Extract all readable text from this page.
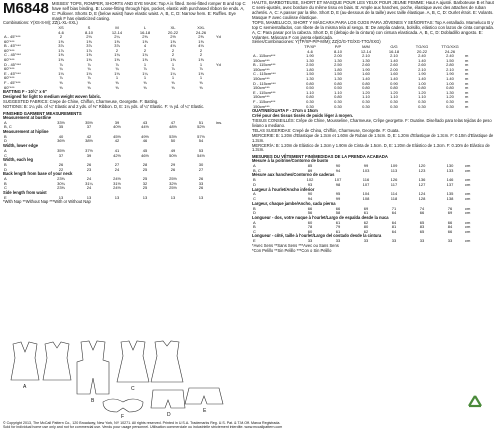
M6848 MISSES' TOPS, ROMPER, SHORTS AND EYE MASK: Top A is fitted. Semi-fitted romper B and top C have self bias binding. B: Loose-fitting through hips, pocket, elastic with purchased ribbon tie ends. A, C: Pullover. Shorts D, E (below waist) have elastic waist. A, B, C, D: Narrow hem. E: Ruffles. Eye mask F has elasticized casing.
Combinations: Y(XS-S-M); ZZ(L-XL-XXL)
	XS	S	M	L	XL	XXL	
	4-6	8-10	12-14	16-18	20-22	24-26	
A - 45"***	2	2⅛	2¼	2⅜	2½	2⅝	Yd
60"***	1⅝	1⅝	1⅝	1⅝	1⅝	1⅝	
B - 45"***	3⅞	3⅞	3⅞	4	4⅛	4⅛	
60"***	1⅞	1⅞	2	2	2	2	
C - 45"***	1⅝	1⅝	1¾	1¾	2	2	
60"***	1⅜	1⅜	1⅜	1⅝	1⅝	1⅝	
D - 45"***	⅞	⅞	⅞	1	1	1	Yd
60"***	¾	¾	¾	⅞	⅞	⅞	
E - 45"***	1⅛	1⅛	1⅛	1¼	1¼	1⅜	
60"***	⅞	⅞	1	1	1	1	
F - 45"***	⅜	⅜	⅜	⅜	⅜	⅜	
60"***	⅜	⅜	⅜	⅜	⅜	⅜	
BATTING F - 10¼" x 6"
Designed for light to medium weight woven fabric.
SUGGESTED FABRICS: Crepe de Chine, Chiffon, Charmeuse, Georgette. F: Batting.
NOTIONS: B: 1¼ yds. of ¼" Elastic and 2 yds. of ⅜" Ribbon. D, E: 1¼ yds. of ¼" Elastic. F: ⅛ yd. of ¼" Elastic.
FINISHED GARMENT MEASUREMENTS
Measurement at bustline
A	33½	35½	39	43	47	51	ins.
B, C	35	37	40½	44½	48½	52½	
Measurement at hipline
B	40	42	45½	49½	53½	57½	
D	36½	38½	42	46	50	54	
Width, lower edge
A	35½	37½	41	45	49	53	
C	37	39	42½	46½	50½	54½	
Width, each leg
B	26	26	27	28	29	30	
D	22	23	24	25	26	27	
Back length from base of your neck
A	23⅜	24	24½	25	25½	26	
B	30¾	31¼	31½	32	32½	33	
C	23⅜	24	24½	25	25½	26	
Side length from waist
E	13	13	13	13	13	13	
*With Nap **Without Nap ***With or Without Nap
HAUTS, BARBOTEUSE, SHORT ET MASQUE POUR LES YEUX POUR JEUNE FEMME: Haut A ajusté. Barboteuse B et haut C semi-ajustés, avec bordure du même tissu en biais. B: Ample aux hanches, poche, élastique avec des attaches de ruban achetés. A, C: A passer par la tête. Short D, E (au-dessous de la taille) avec taille élastique. A, B, C, D: Ourlet étroit. E: Volants. Masque F avec coulisse élastique.
TOPS, MAMELUCO, SHORT Y MÁSCARA PARA LOS OJOS PARA JÓVENES Y SEÑORITAS: Top A entallado. Mameluco B y top C semientallados, con ribete de la misma tela al sesgo. B: De amplia cadera, bolsillo, elástico con lazos de cinta comprada. A, C: Para pasar por la cabeza. Short D, E (debajo de la cintura) con cintura elasticada. A, B, C, D: Dobladillo angosto. E: Volantes. Máscara F con jareta elasticada.
Séries/Combinaciones: Y(TP/XP-P/P-M/M); ZZ(G/G-TG/XG-TTG/XXG)
	TP/XP	P/P	M/M	G/G	TG/XG	TTG/XXG	
	4-6	8-10	12-14	16-18	20-22	24-26	
A - 115cm***	1.90	2.00	2.10	2.10	2.40	2.40	m
150cm***	1.30	1.30	1.30	1.40	1.40	1.50	m
B - 115cm***	2.50	2.50	2.60	2.60	2.60	2.80	m
150cm***	1.80	1.80	1.90	2.00	2.10	2.10	m
C - 115cm***	1.50	1.50	1.60	1.60	1.90	1.90	m
150cm***	1.30	1.30	1.40	1.40	1.40	1.40	m
D - 115cm***	0.80	0.80	0.80	0.90	1.00	1.00	m
150cm***	0.50	0.50	0.80	0.80	0.80	0.80	m
E - 115cm***	1.10	1.10	1.20	1.20	1.20	1.30	m
150cm***	0.80	0.80	1.10	1.10	1.10	1.20	m
F - 115cm***	0.30	0.30	0.30	0.30	0.30	0.30	m
150cm***	0.30	0.30	0.30	0.30	0.30	0.30	m
OUATINE/GUATA F - 27cm x 15cm
Créé pour des tissus tissés de poids léger à moyen.
TISSUS CONSEILLÉS: Crêpe de Chine, Mousseline, Charmeuse, Crêpe georgette. F: Ouatine. Diseñado para telas tejidas de peso liviano a mediano.
TELAS SUGERIDAS: Crepé de China, Chiffón, Charmeuse, Georgette. F: Guata.
MERCERIE: B: 1.20m d'Elastique de 1.3cm et 1.60m de Ruban de 1.5cm. D, E: 1.20m d'Elastique de 1.3cm. F: 0.10m d'Elastique de 1.3cm.
MERCERÍA: B: 1.20m de Elástico de 1.3cm y 1.90m de Cinta de 1.5cm. D, E: 1.20m de Elástico de 1.3cm. F: 0.10m de Elástico de 1.3cm.
MESURES DU VÊTEMENT FINI/MEDIDAS DE LA PRENDA ACABADA
Mesure à la poitrine/Contorno de busto
A	85	90	99	109	120	130	cm
B, C	89	94	103	113	123	133	cm
Mesure aux hanches/Contorno de caderas
B	102	107	116	126	136	146	cm
D	93	98	107	117	127	137	cm
Largeur à l'ourlet/Ancho inferior
A	90	95	104	114	124	135	cm
C	94	99	108	118	128	138	cm
Largeur, chaque jambe/Ancho, cada pierna
B	66	66	69	71	74	76	cm
D	56	58	61	64	66	69	cm
Longueur - dos, votre nuque à l'ourlet/Largo de espalda desde la nuca
A	60	61	62	64	65	66	cm
B	78	79	80	81	83	84	cm
C	60	61	62	64	65	66	cm
Longueur - côté, taille à l'ourlet/Largo del costado desde la cintura
E	33	33	33	33	33	33	cm
*Avec Sens **Sans Sens ***Avec ou Sans Sens
*Con Pelillo **Sin Pelillo ***Con o Sin Pelillo
A
B
C
D
E
F
© Copyright 2013, The McCall Pattern Co., 120 Broadway, New York, NY 10271. All rights reserved. Printed in U.S.A. Trademarks Reg. U.S. Pat. & T.M.Off. Marca Registrada.
Sold for individual home use only and not for commercial use. Vendu pour usage personnel. Utilisation commerciale ou industrielle strictement interdite. www.mccallpattern.com
